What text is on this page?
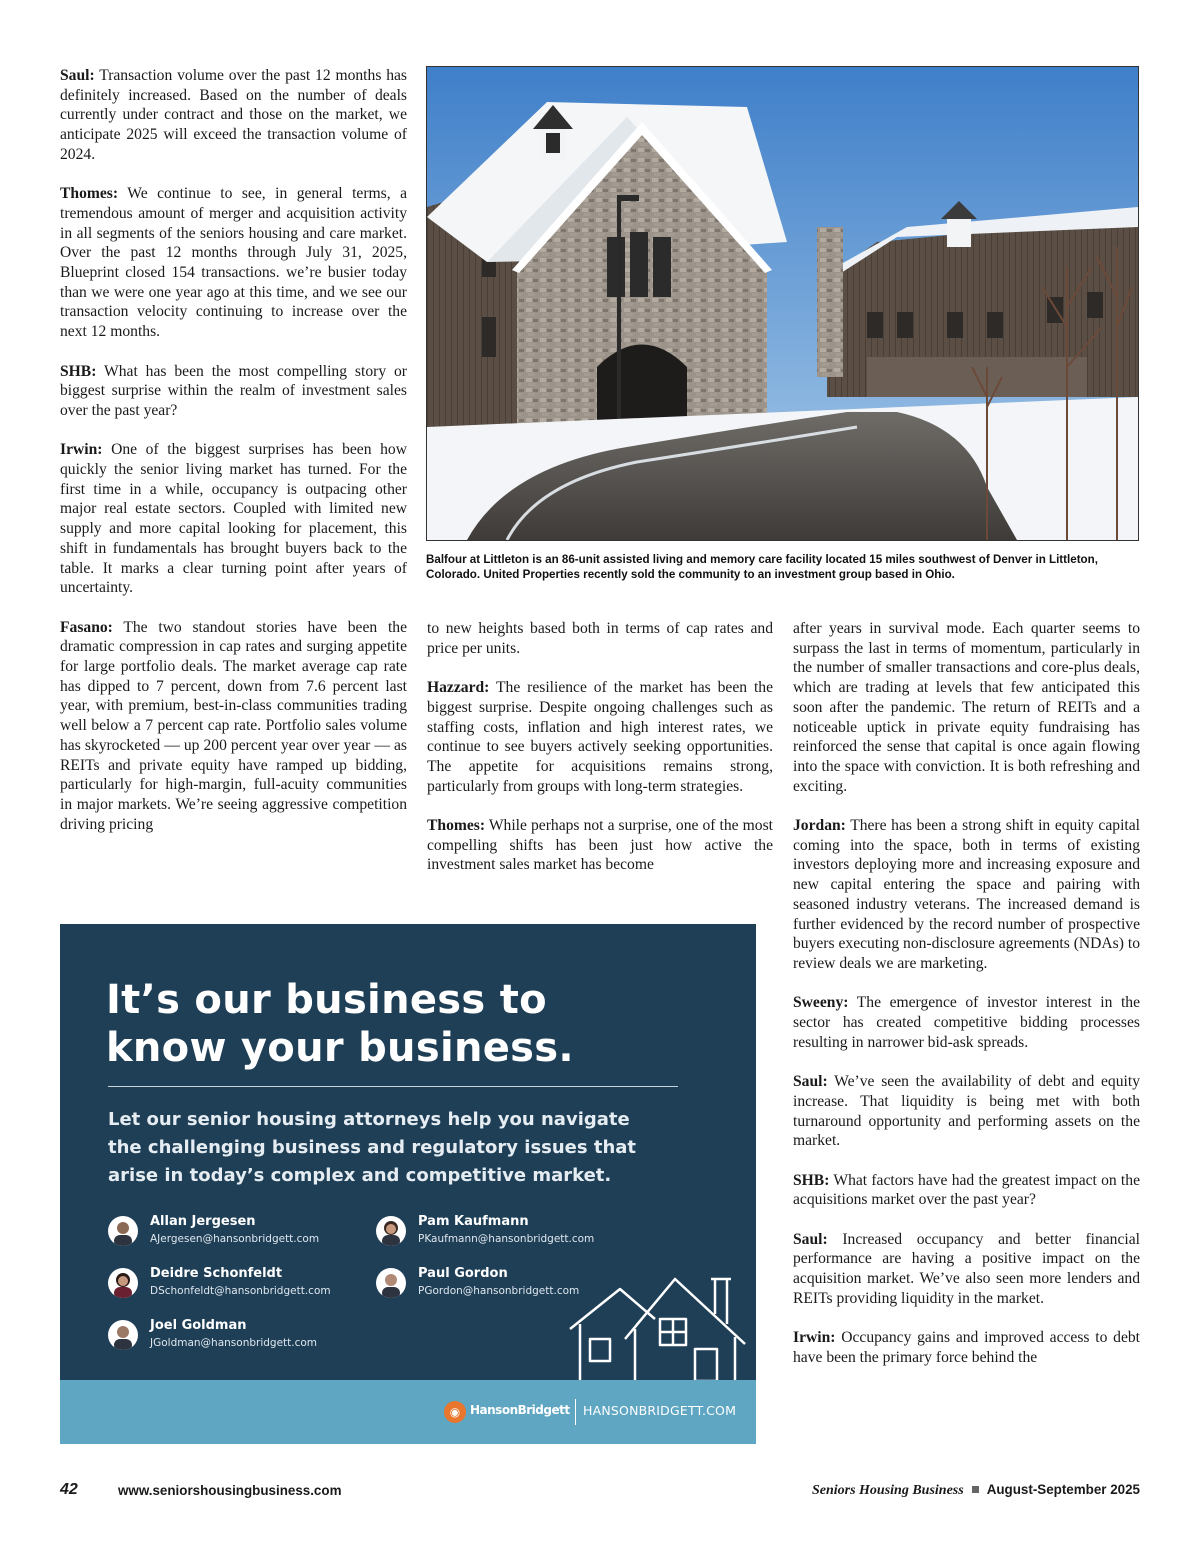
Saul: Transaction volume over the past 12 months has definitely increased. Based on the number of deals currently under contract and those on the market, we anticipate 2025 will exceed the transaction volume of 2024.

Thomes: We continue to see, in general terms, a tremendous amount of merger and acquisition activity in all segments of the seniors housing and care market. Over the past 12 months through July 31, 2025, Blueprint closed 154 transactions. we’re busier today than we were one year ago at this time, and we see our transaction velocity continuing to increase over the next 12 months.

SHB: What has been the most compelling story or biggest surprise within the realm of investment sales over the past year?

Irwin: One of the biggest surprises has been how quickly the senior living market has turned. For the first time in a while, occupancy is outpacing other major real estate sectors. Coupled with limited new supply and more capital looking for placement, this shift in fundamentals has brought buyers back to the table. It marks a clear turning point after years of uncertainty.

Fasano: The two standout stories have been the dramatic compression in cap rates and surging appetite for large portfolio deals. The market average cap rate has dipped to 7 percent, down from 7.6 percent last year, with premium, best-in-class communities trading well below a 7 percent cap rate. Portfolio sales volume has skyrocketed — up 200 percent year over year — as REITs and private equity have ramped up bidding, particularly for high-margin, full-acuity communities in major markets. We’re seeing aggressive competition driving pricing

Balfour at Littleton is an 86-unit assisted living and memory care facility located 15 miles southwest of Denver in Littleton, Colorado. United Properties recently sold the community to an investment group based in Ohio.

to new heights based both in terms of cap rates and price per units.

Hazzard: The resilience of the market has been the biggest surprise. Despite ongoing challenges such as staffing costs, inflation and high interest rates, we continue to see buyers actively seeking opportunities. The appetite for acquisitions remains strong, particularly from groups with long-term strategies.

Thomes: While perhaps not a surprise, one of the most compelling shifts has been just how active the investment sales market has become

after years in survival mode. Each quarter seems to surpass the last in terms of momentum, particularly in the number of smaller transactions and core-plus deals, which are trading at levels that few anticipated this soon after the pandemic. The return of REITs and a noticeable uptick in private equity fundraising has reinforced the sense that capital is once again flowing into the space with conviction. It is both refreshing and exciting.

Jordan: There has been a strong shift in equity capital coming into the space, both in terms of existing investors deploying more and increasing exposure and new capital entering the space and pairing with seasoned industry veterans. The increased demand is further evidenced by the record number of prospective buyers executing non-disclosure agreements (NDAs) to review deals we are marketing.

Sweeny: The emergence of investor interest in the sector has created competitive bidding processes resulting in narrower bid-ask spreads.

Saul: We’ve seen the availability of debt and equity increase. That liquidity is being met with both turnaround opportunity and performing assets on the market.

SHB: What factors have had the greatest impact on the acquisitions market over the past year?

Saul: Increased occupancy and better financial performance are having a positive impact on the acquisition market. We’ve also seen more lenders and REITs providing liquidity in the market.

Irwin: Occupancy gains and improved access to debt have been the primary force behind the

It’s our business to
know your business.
Let our senior housing attorneys help you navigate
the challenging business and regulatory issues that
arise in today’s complex and competitive market.
Allan Jergesen
AJergesen@hansonbridgett.com
Pam Kaufmann
PKaufmann@hansonbridgett.com
Deidre Schonfeldt
DSchonfeldt@hansonbridgett.com
Paul Gordon
PGordon@hansonbridgett.com
Joel Goldman
JGoldman@hansonbridgett.com
◉ HansonBridgett HANSONBRIDGETT.COM
42	www.seniorshousingbusiness.com	Seniors Housing Business August-September 2025
